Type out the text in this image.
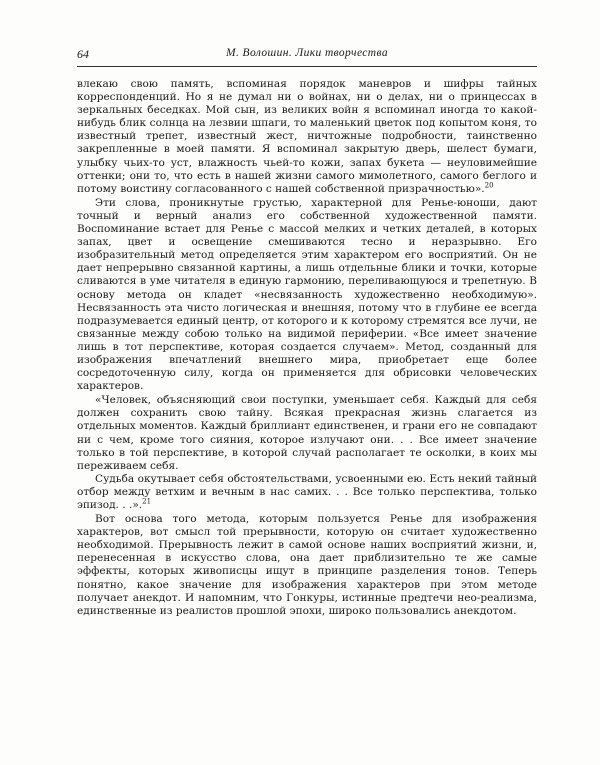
64	М. Волошин. Лики творчества

влекаю свою память, вспоминая порядок маневров и шифры тайных корреспонденций. Но я не думал ни о войнах, ни о делах, ни о принцессах в зеркальных беседках. Мой сын, из великих войн я вспоминал иногда то какой-нибудь блик солнца на лезвии шпаги, то маленький цветок под копытом коня, то известный трепет, известный жест, ничтожные подробности, таинственно закрепленные в моей памяти. Я вспоминал закрытую дверь, шелест бумаги, улыбку чьих-то уст, влажность чьей-то кожи, запах букета — неуловимейшие оттенки; они то, что есть в нашей жизни самого мимолетного, самого беглого и потому воистину согласованного с нашей собственной призрачностью».$^{20}$

Эти слова, проникнутые грустью, характерной для Ренье-юноши, дают точный и верный анализ его собственной художественной памяти. Воспоминание встает для Ренье с массой мелких и четких деталей, в которых запах, цвет и освещение смешиваются тесно и неразрывно. Его изобразительный метод определяется этим характером его восприятий. Он не дает непрерывно связанной картины, а лишь отдельные блики и точки, которые сливаются в уме читателя в единую гармонию, переливающуюся и трепетную. В основу метода он кладет «несвязанность художественно необходимую». Несвязанность эта чисто логическая и внешняя, потому что в глубине ее всегда подразумевается единый центр, от которого и к которому стремятся все лучи, не связанные между собою только на видимой периферии. «Все имеет значение лишь в тот перспективе, которая создается случаем». Метод, созданный для изображения впечатлений внешнего мира, приобретает еще более сосредоточенную силу, когда он применяется для обрисовки человеческих характеров.

«Человек, объясняющий свои поступки, уменьшает себя. Каждый для себя должен сохранить свою тайну. Всякая прекрасная жизнь слагается из отдельных моментов. Каждый бриллиант единственен, и грани его не совпадают ни с чем, кроме того сияния, которое излучают они. . . Все имеет значение только в той перспективе, в которой случай располагает те осколки, в коих мы переживаем себя.

Судьба окутывает себя обстоятельствами, усвоенными ею. Есть некий тайный отбор между ветхим и вечным в нас самих. . . Все только перспектива, только эпизод. . .».$^{21}$

Вот основа того метода, которым пользуется Ренье для изображения характеров, вот смысл той прерывности, которую он считает художественно необходимой. Прерывность лежит в самой основе наших восприятий жизни, и, перенесенная в искусство слова, она дает приблизительно те же самые эффекты, которых живописцы ищут в принципе разделения тонов. Теперь понятно, какое значение для изображения характеров при этом методе получает анекдот. И напомним, что Гонкуры, истинные предтечи нео-реализма, единственные из реалистов прошлой эпохи, широко пользовались анекдотом.
